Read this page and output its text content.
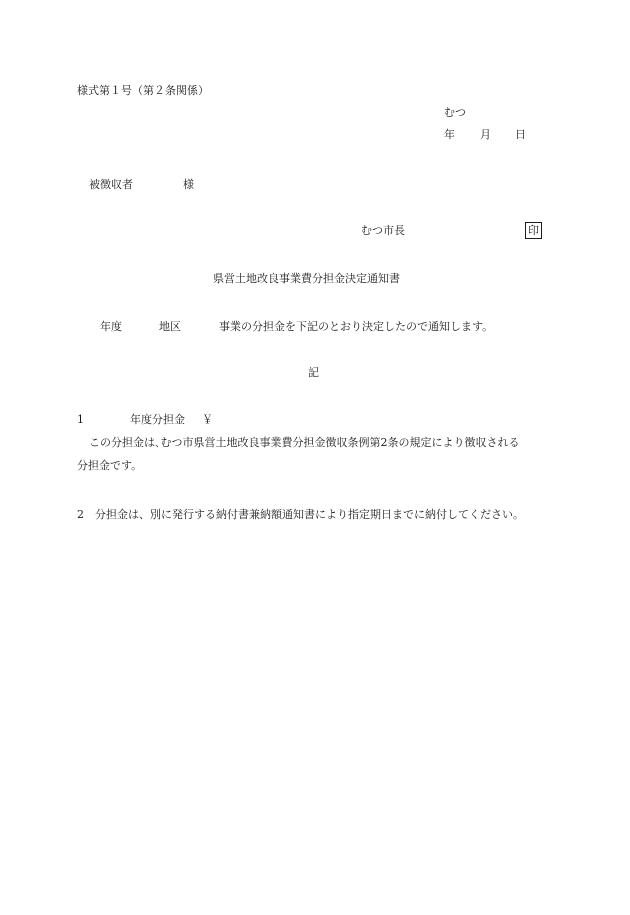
様式第１号（第２条関係）
むつ
年 月 日
被徴収者	様
むつ市長	印
県営土地改良事業費分担金決定通知書
年度	地区	事業の分担金を下記のとおり決定したので通知します。
記
1	年度分担金 ￥
この分担金は､むつ市県営土地改良事業費分担金徴収条例第2条の規定により徴収される
分担金です。
2 分担金は、別に発行する納付書兼納額通知書により指定期日までに納付してください。
